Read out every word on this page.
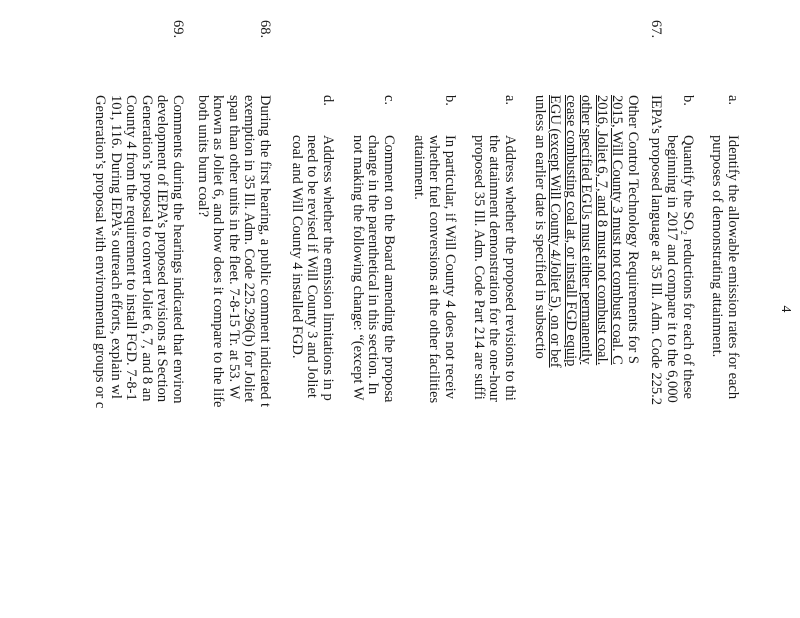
4
a.
Identify the allowable emission rates for each
purposes of demonstrating attainment.
b.
Quantify the SO₂ reductions for each of these
beginning in 2017 and compare it to the 6,000
67.
IEPA’s proposed language at 35 Ill. Adm. Code 225.2
Other Control Technology Requirements for S
2015, Will County 3 must not combust coal. C
2016, Joliet 6, 7, and 8 must not combust coal.
other specified EGUs must either permanently
cease combusting coal at, or install FGD equip
EGU (except Will County 4/Joliet 5), on or bef
unless an earlier date is specified in subsectio
a.
Address whether the proposed revisions to thi
the attainment demonstration for the one-hour
proposed 35 Ill. Adm. Code Part 214 are suffi
b.
In particular, if Will County 4 does not receiv
whether fuel conversions at the other facilities
attainment.
c.
Comment on the Board amending the proposa
change in the parenthetical in this section. In
not making the following change: “(except W
d.
Address whether the emission limitations in p
need to be revised if Will County 3 and Joliet
coal and Will County 4 installed FGD.
68.
During the first hearing, a public comment indicated t
exemption in 35 Ill. Adm. Code 225.296(b) for Joliet
span than other units in the fleet. 7-8-15 Tr. at 53. W
known as Joliet 6, and how does it compare to the life
both units burn coal?
69.
Comments during the hearings indicated that environ
development of IEPA’s proposed revisions at Section
Generation’s proposal to convert Joliet 6, 7, and 8 an
County 4 from the requirement to install FGD. 7-8-1
101, 116. During IEPA’s outreach efforts, explain wl
Generation’s proposal with environmental groups or c
